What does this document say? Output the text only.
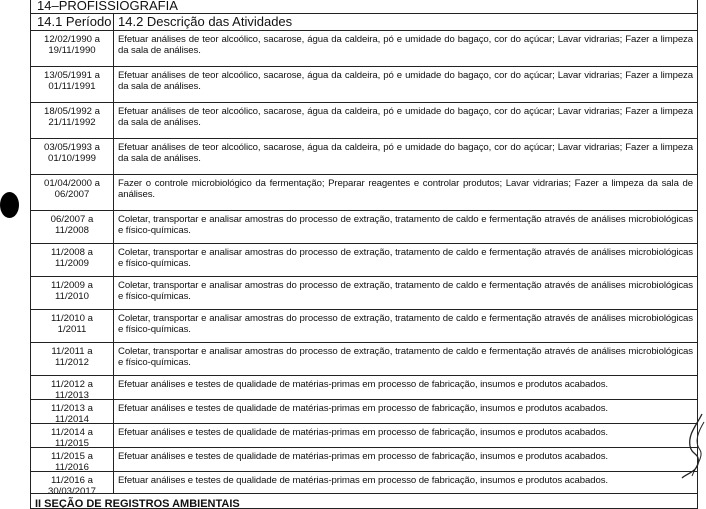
14–PROFISSIOGRAFIA
14.1 Período 14.2 Descrição das Atividades
12/02/1990 a
19/11/1990
Efetuar análises de teor alcoólico, sacarose, água da caldeira, pó e umidade do bagaço, cor do açúcar; Lavar vidrarias; Fazer a limpeza da sala de análises.
13/05/1991 a
01/11/1991
Efetuar análises de teor alcoólico, sacarose, água da caldeira, pó e umidade do bagaço, cor do açúcar; Lavar vidrarias; Fazer a limpeza da sala de análises.
18/05/1992 a
21/11/1992
Efetuar análises de teor alcoólico, sacarose, água da caldeira, pó e umidade do bagaço, cor do açúcar; Lavar vidrarias; Fazer a limpeza da sala de análises.
03/05/1993 a
01/10/1999
Efetuar análises de teor alcoólico, sacarose, água da caldeira, pó e umidade do bagaço, cor do açúcar; Lavar vidrarias; Fazer a limpeza da sala de análises.
01/04/2000 a
06/2007
Fazer o controle microbiológico da fermentação; Preparar reagentes e controlar produtos; Lavar vidrarias; Fazer a limpeza da sala de análises.
06/2007 a
11/2008
Coletar, transportar e analisar amostras do processo de extração, tratamento de caldo e fermentação através de análises microbiológicas e físico-químicas.
11/2008 a
11/2009
Coletar, transportar e analisar amostras do processo de extração, tratamento de caldo e fermentação através de análises microbiológicas e físico-químicas.
11/2009 a
11/2010
Coletar, transportar e analisar amostras do processo de extração, tratamento de caldo e fermentação através de análises microbiológicas e físico-químicas.
11/2010 a
1/2011
Coletar, transportar e analisar amostras do processo de extração, tratamento de caldo e fermentação através de análises microbiológicas e físico-químicas.
11/2011 a
11/2012
Coletar, transportar e analisar amostras do processo de extração, tratamento de caldo e fermentação através de análises microbiológicas e físico-químicas.
11/2012 a
11/2013
Efetuar análises e testes de qualidade de matérias-primas em processo de fabricação, insumos e produtos acabados.
11/2013 a
11/2014
Efetuar análises e testes de qualidade de matérias-primas em processo de fabricação, insumos e produtos acabados.
11/2014 a
11/2015
Efetuar análises e testes de qualidade de matérias-primas em processo de fabricação, insumos e produtos acabados.
11/2015 a
11/2016
Efetuar análises e testes de qualidade de matérias-primas em processo de fabricação, insumos e produtos acabados.
11/2016 a
30/03/2017
Efetuar análises e testes de qualidade de matérias-primas em processo de fabricação, insumos e produtos acabados.
II SEÇÃO DE REGISTROS AMBIENTAIS
